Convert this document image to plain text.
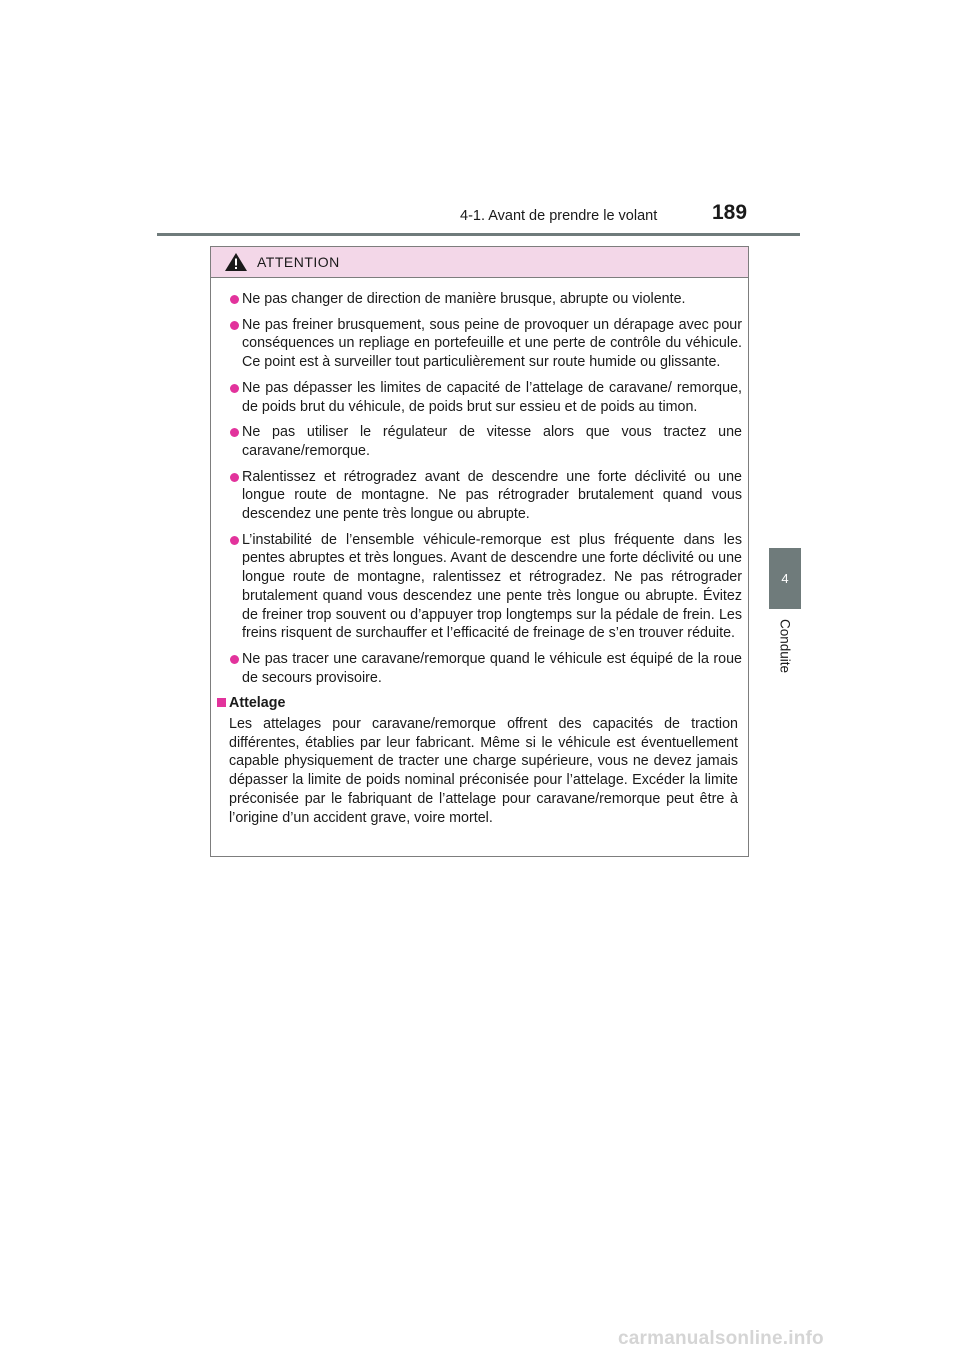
4-1. Avant de prendre le volant	189
4
Conduite
ATTENTION
Ne pas changer de direction de manière brusque, abrupte ou violente.
Ne pas freiner brusquement, sous peine de provoquer un dérapage avec pour conséquences un repliage en portefeuille et une perte de contrôle du véhicule. Ce point est à surveiller tout particulièrement sur route humide ou glissante.
Ne pas dépasser les limites de capacité de l’attelage de caravane/ remorque, de poids brut du véhicule, de poids brut sur essieu et de poids au timon.
Ne pas utiliser le régulateur de vitesse alors que vous tractez une caravane/remorque.
Ralentissez et rétrogradez avant de descendre une forte déclivité ou une longue route de montagne. Ne pas rétrograder brutalement quand vous descendez une pente très longue ou abrupte.
L’instabilité de l’ensemble véhicule-remorque est plus fréquente dans les pentes abruptes et très longues. Avant de descendre une forte déclivité ou une longue route de montagne, ralentissez et rétrogradez. Ne pas rétrograder brutalement quand vous descendez une pente très longue ou abrupte. Évitez de freiner trop souvent ou d’appuyer trop longtemps sur la pédale de frein. Les freins risquent de surchauffer et l’efficacité de freinage de s’en trouver réduite.
Ne pas tracer une caravane/remorque quand le véhicule est équipé de la roue de secours provisoire.
Attelage
Les attelages pour caravane/remorque offrent des capacités de traction différentes, établies par leur fabricant. Même si le véhicule est éventuellement capable physiquement de tracter une charge supérieure, vous ne devez jamais dépasser la limite de poids nominal préconisée pour l’attelage. Excéder la limite préconisée par le fabriquant de l’attelage pour caravane/remorque peut être à l’origine d’un accident grave, voire mortel.
carmanualsonline.info
